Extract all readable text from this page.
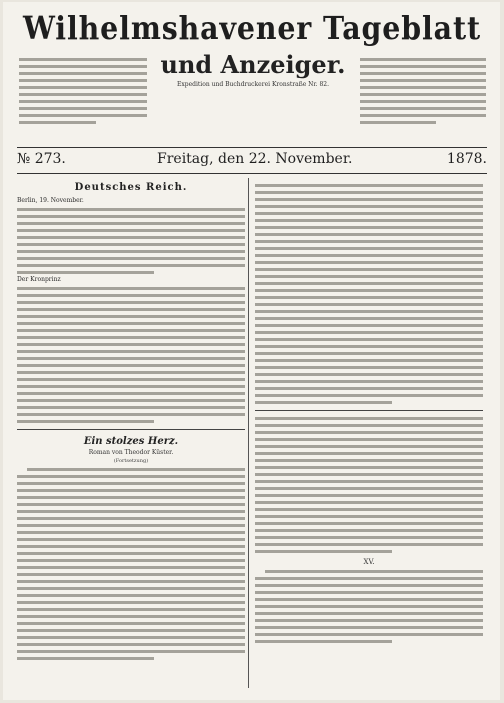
Wilhelmshavener Tageblatt
und Anzeiger.
Expedition und Buchdruckerei Kronstraße Nr. 82.
№ 273.	Freitag, den 22. November.	1878.
Deutsches Reich.
Berlin, 19. November.
Der Kronprinz
Ein stolzes Herz.
Roman von Theodor Küster.
(Fortsetzung)
XV.
